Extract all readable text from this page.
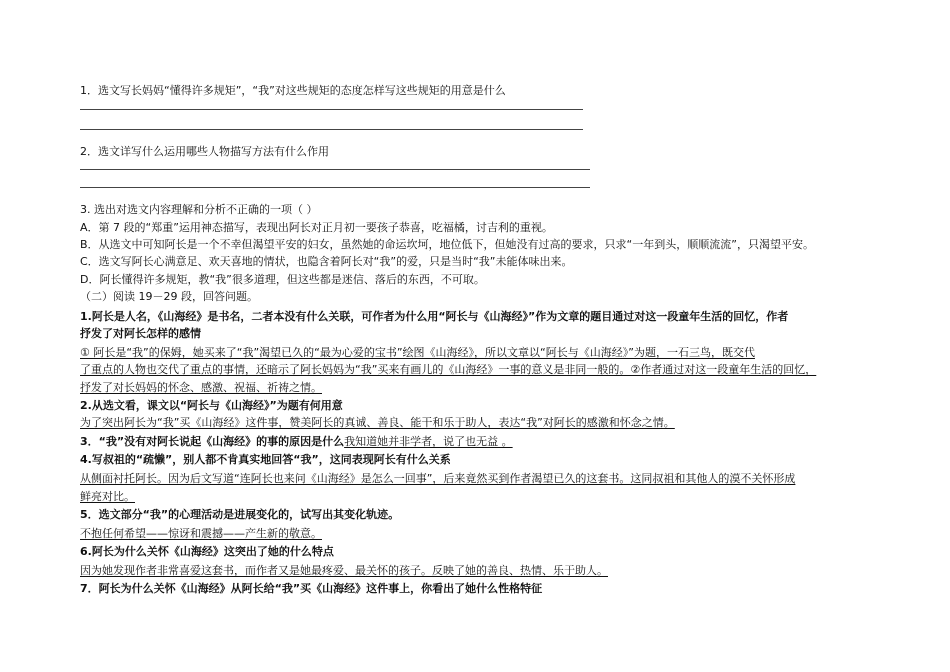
1．选文写长妈妈“懂得许多规矩”，“我”对这些规矩的态度怎样写这些规矩的用意是什么
2．选文详写什么运用哪些人物描写方法有什么作用
3. 选出对选文内容理解和分析不正确的一项（ ）
A．第 7 段的“郑重”运用神态描写，表现出阿长对正月初一要孩子恭喜，吃福橘，讨吉利的重视。
B．从选文中可知阿长是一个不幸但渴望平安的妇女，虽然她的命运坎坷，地位低下，但她没有过高的要求，只求“一年到头，顺顺流流”，只渴望平安。
C．选文写阿长心满意足、欢天喜地的情状，也隐含着阿长对“我”的爱，只是当时“我”未能体味出来。
D．阿长懂得许多规矩，教“我”很多道理，但这些都是迷信、落后的东西，不可取。
（二）阅读 19－29 段，回答问题。
1.阿长是人名，《山海经》是书名，二者本没有什么关联，可作者为什么用“阿长与《山海经》”作为文章的题目通过对这一段童年生活的回忆，作者
抒发了对阿长怎样的感情
① 阿长是“我”的保姆，她买来了“我”渴望已久的“最为心爱的宝书”绘图《山海经》，所以文章以“阿长与《山海经》”为题，一石三鸟，既交代
了重点的人物也交代了重点的事情，还暗示了阿长妈妈为“我”买来有画儿的《山海经》一事的意义是非同一般的。②作者通过对这一段童年生活的回忆，
抒发了对长妈妈的怀念、感激、祝福、祈祷之情。
2.从选文看，课文以“阿长与《山海经》”为题有何用意
为了突出阿长为“我”买《山海经》这件事，赞美阿长的真诚、善良、能干和乐于助人，表达“我”对阿长的感激和怀念之情。
3．“我”没有对阿长说起《山海经》的事的原因是什么我知道她并非学者，说了也无益 。
4.写叔祖的“疏懒”，别人都不肯真实地回答“我”，这同表现阿长有什么关系
从侧面衬托阿长。因为后文写道“连阿长也来问《山海经》是怎么一回事”，后来竟然买到作者渴望已久的这套书。这同叔祖和其他人的漠不关怀形成
鲜亮对比。
5．选文部分“我”的心理活动是进展变化的，试写出其变化轨迹。
不抱任何希望——惊讶和震撼——产生新的敬意。
6.阿长为什么关怀《山海经》这突出了她的什么特点
因为她发现作者非常喜爱这套书，而作者又是她最疼爱、最关怀的孩子。反映了她的善良、热情、乐于助人。
7．阿长为什么关怀《山海经》从阿长给“我”买《山海经》这件事上，你看出了她什么性格特征
